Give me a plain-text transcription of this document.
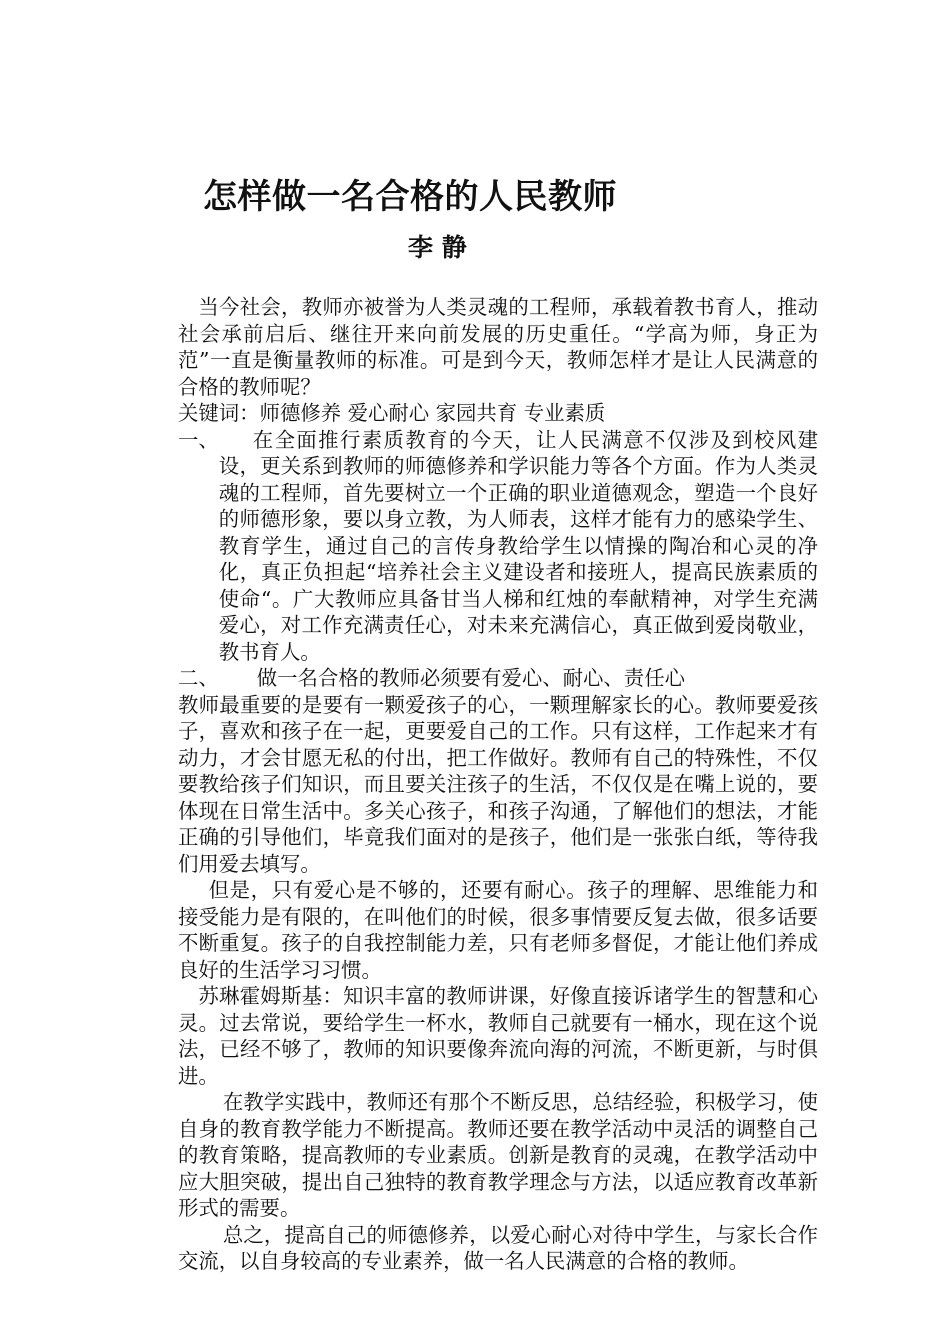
怎样做一名合格的人民教师
李 静

当今社会，教师亦被誉为人类灵魂的工程师，承载着教书育人，推动社会承前启后、继往开来向前发展的历史重任。“学高为师，身正为范”一直是衡量教师的标准。可是到今天，教师怎样才是让人民满意的合格的教师呢？

关键词：师德修养 爱心耐心 家园共育 专业素质

一、	在全面推行素质教育的今天，让人民满意不仅涉及到校风建设，更关系到教师的师德修养和学识能力等各个方面。作为人类灵魂的工程师，首先要树立一个正确的职业道德观念，塑造一个良好的师德形象，要以身立教，为人师表，这样才能有力的感染学生、教育学生，通过自己的言传身教给学生以情操的陶冶和心灵的净化，真正负担起“培养社会主义建设者和接班人，提高民族素质的使命“。广大教师应具备甘当人梯和红烛的奉献精神，对学生充满爱心，对工作充满责任心，对未来充满信心，真正做到爱岗敬业，教书育人。
二、	做一名合格的教师必须要有爱心、耐心、责任心

教师最重要的是要有一颗爱孩子的心，一颗理解家长的心。教师要爱孩子，喜欢和孩子在一起，更要爱自己的工作。只有这样，工作起来才有动力，才会甘愿无私的付出，把工作做好。教师有自己的特殊性，不仅要教给孩子们知识，而且要关注孩子的生活，不仅仅是在嘴上说的，要体现在日常生活中。多关心孩子，和孩子沟通，了解他们的想法，才能正确的引导他们，毕竟我们面对的是孩子，他们是一张张白纸，等待我们用爱去填写。

但是，只有爱心是不够的，还要有耐心。孩子的理解、思维能力和接受能力是有限的，在叫他们的时候，很多事情要反复去做，很多话要不断重复。孩子的自我控制能力差，只有老师多督促，才能让他们养成良好的生活学习习惯。

苏琳霍姆斯基：知识丰富的教师讲课，好像直接诉诸学生的智慧和心灵。过去常说，要给学生一杯水，教师自己就要有一桶水，现在这个说法，已经不够了，教师的知识要像奔流向海的河流，不断更新，与时俱进。

在教学实践中，教师还有那个不断反思，总结经验，积极学习，使自身的教育教学能力不断提高。教师还要在教学活动中灵活的调整自己的教育策略，提高教师的专业素质。创新是教育的灵魂，在教学活动中应大胆突破，提出自己独特的教育教学理念与方法，以适应教育改革新形式的需要。

总之，提高自己的师德修养，以爱心耐心对待中学生，与家长合作交流，以自身较高的专业素养，做一名人民满意的合格的教师。
